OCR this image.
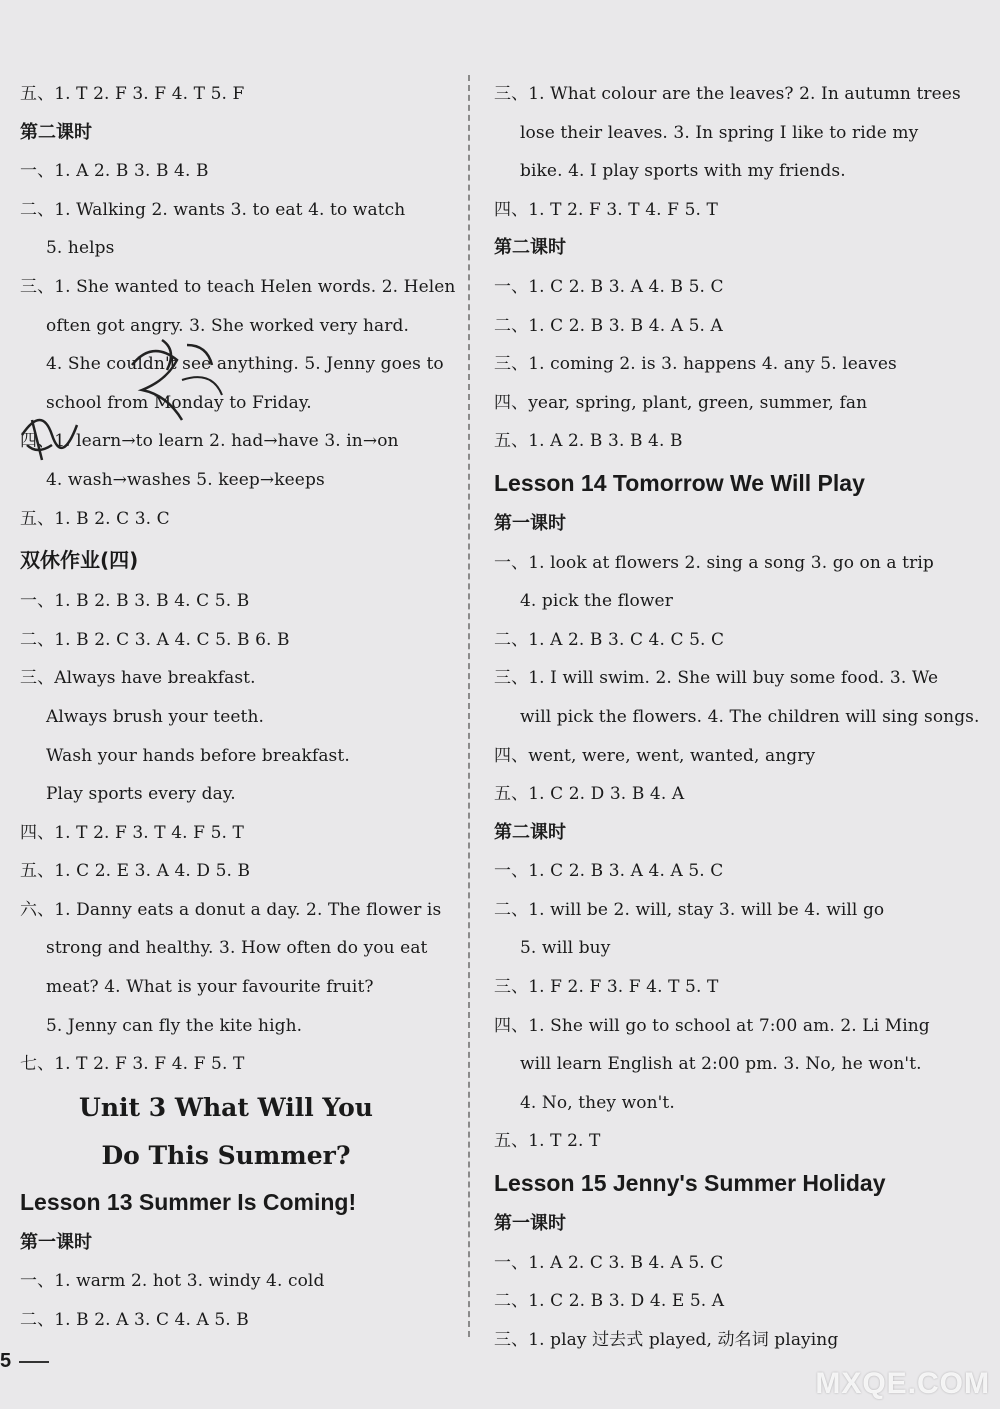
五、1. T 2. F 3. F 4. T 5. F
第二课时
一、1. A 2. B 3. B 4. B
二、1. Walking 2. wants 3. to eat 4. to watch
5. helps
三、1. She wanted to teach Helen words. 2. Helen
often got angry. 3. She worked very hard.
4. She couldn't see anything. 5. Jenny goes to
school from Monday to Friday.
四、1. learn→to learn 2. had→have 3. in→on
4. wash→washes 5. keep→keeps
五、1. B 2. C 3. C
双休作业(四)
一、1. B 2. B 3. B 4. C 5. B
二、1. B 2. C 3. A 4. C 5. B 6. B
三、Always have breakfast.
Always brush your teeth.
Wash your hands before breakfast.
Play sports every day.
四、1. T 2. F 3. T 4. F 5. T
五、1. C 2. E 3. A 4. D 5. B
六、1. Danny eats a donut a day. 2. The flower is
strong and healthy. 3. How often do you eat
meat? 4. What is your favourite fruit?
5. Jenny can fly the kite high.
七、1. T 2. F 3. F 4. F 5. T
Unit 3 What Will You
Do This Summer?
Lesson 13 Summer Is Coming!
第一课时
一、1. warm 2. hot 3. windy 4. cold
二、1. B 2. A 3. C 4. A 5. B
三、1. What colour are the leaves? 2. In autumn trees
lose their leaves. 3. In spring I like to ride my
bike. 4. I play sports with my friends.
四、1. T 2. F 3. T 4. F 5. T
第二课时
一、1. C 2. B 3. A 4. B 5. C
二、1. C 2. B 3. B 4. A 5. A
三、1. coming 2. is 3. happens 4. any 5. leaves
四、year, spring, plant, green, summer, fan
五、1. A 2. B 3. B 4. B
Lesson 14 Tomorrow We Will Play
第一课时
一、1. look at flowers 2. sing a song 3. go on a trip
4. pick the flower
二、1. A 2. B 3. C 4. C 5. C
三、1. I will swim. 2. She will buy some food. 3. We
will pick the flowers. 4. The children will sing songs.
四、went, were, went, wanted, angry
五、1. C 2. D 3. B 4. A
第二课时
一、1. C 2. B 3. A 4. A 5. C
二、1. will be 2. will, stay 3. will be 4. will go
5. will buy
三、1. F 2. F 3. F 4. T 5. T
四、1. She will go to school at 7:00 am. 2. Li Ming
will learn English at 2:00 pm. 3. No, he won't.
4. No, they won't.
五、1. T 2. T
Lesson 15 Jenny's Summer Holiday
第一课时
一、1. A 2. C 3. B 4. A 5. C
二、1. C 2. B 3. D 4. E 5. A
三、1. play 过去式 played, 动名词 playing
5
MXQE.COM
